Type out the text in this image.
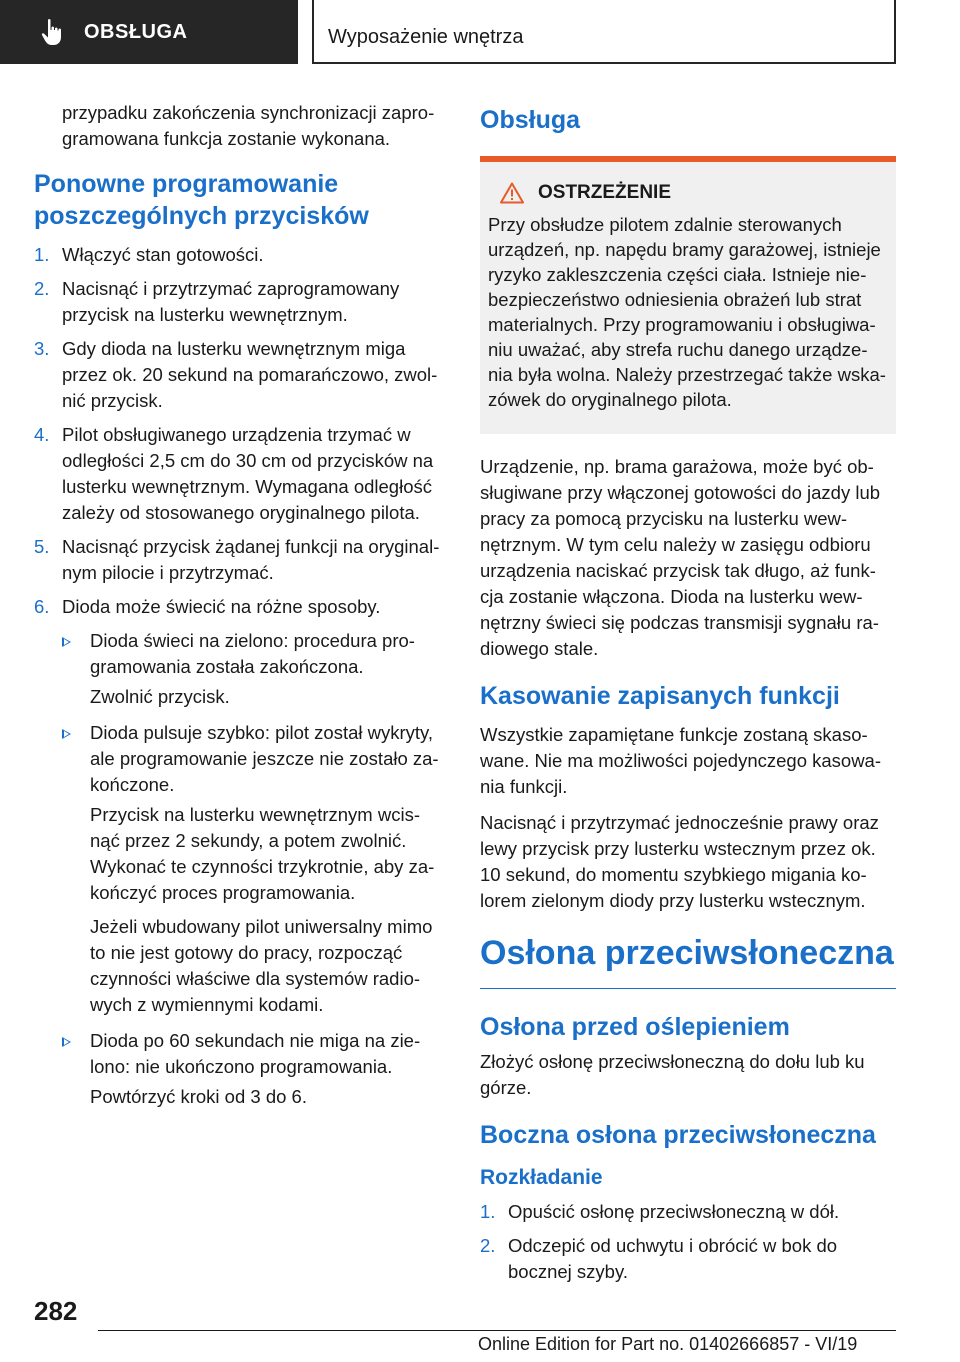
OBSŁUGA	Wyposażenie wnętrza

przypadku zakończenia synchronizacji zapro- gramowana funkcja zostanie wykonana.

Ponowne programowanie poszczególnych przycisków
1. Włączyć stan gotowości.
2. Nacisnąć i przytrzymać zaprogramowany przycisk na lusterku wewnętrznym.
3. Gdy dioda na lusterku wewnętrznym miga przez ok. 20 sekund na pomarańczowo, zwol- nić przycisk.
4. Pilot obsługiwanego urządzenia trzymać w odległości 2,5 cm do 30 cm od przycisków na lusterku wewnętrznym. Wymagana odległość zależy od stosowanego oryginalnego pilota.
5. Nacisnąć przycisk żądanej funkcji na oryginal- nym pilocie i przytrzymać.
6. Dioda może świecić na różne sposoby.
Dioda świeci na zielono: procedura pro- gramowania została zakończona.

Zwolnić przycisk.

Dioda pulsuje szybko: pilot został wykryty, ale programowanie jeszcze nie zostało za- kończone.

Przycisk na lusterku wewnętrznym wcis- nąć przez 2 sekundy, a potem zwolnić. Wykonać te czynności trzykrotnie, aby za- kończyć proces programowania.

Jeżeli wbudowany pilot uniwersalny mimo to nie jest gotowy do pracy, rozpocząć czynności właściwe dla systemów radio- wych z wymiennymi kodami.

Dioda po 60 sekundach nie miga na zie- lono: nie ukończono programowania.

Powtórzyć kroki od 3 do 6.

Obsługa
OSTRZEŻENIE
Przy obsłudze pilotem zdalnie sterowanych urządzeń, np. napędu bramy garażowej, istnieje ryzyko zakleszczenia części ciała. Istnieje nie- bezpieczeństwo odniesienia obrażeń lub strat materialnych. Przy programowaniu i obsługiwa- niu uważać, aby strefa ruchu danego urządze- nia była wolna. Należy przestrzegać także wska- zówek do oryginalnego pilota.

Urządzenie, np. brama garażowa, może być ob- sługiwane przy włączonej gotowości do jazdy lub pracy za pomocą przycisku na lusterku wew- nętrznym. W tym celu należy w zasięgu odbioru urządzenia naciskać przycisk tak długo, aż funk- cja zostanie włączona. Dioda na lusterku wew- nętrzny świeci się podczas transmisji sygnału ra- diowego stale.

Kasowanie zapisanych funkcji

Wszystkie zapamiętane funkcje zostaną skaso- wane. Nie ma możliwości pojedynczego kasowa- nia funkcji.

Nacisnąć i przytrzymać jednocześnie prawy oraz lewy przycisk przy lusterku wstecznym przez ok. 10 sekund, do momentu szybkiego migania ko- lorem zielonym diody przy lusterku wstecznym.

Osłona przeciwsłoneczna
Osłona przed oślepieniem

Złożyć osłonę przeciwsłoneczną do dołu lub ku górze.

Boczna osłona przeciwsłoneczna
Rozkładanie
1. Opuścić osłonę przeciwsłoneczną w dół.
2. Odczepić od uchwytu i obrócić w bok do bocznej szyby.
282
Online Edition for Part no. 01402666857 - VI/19
